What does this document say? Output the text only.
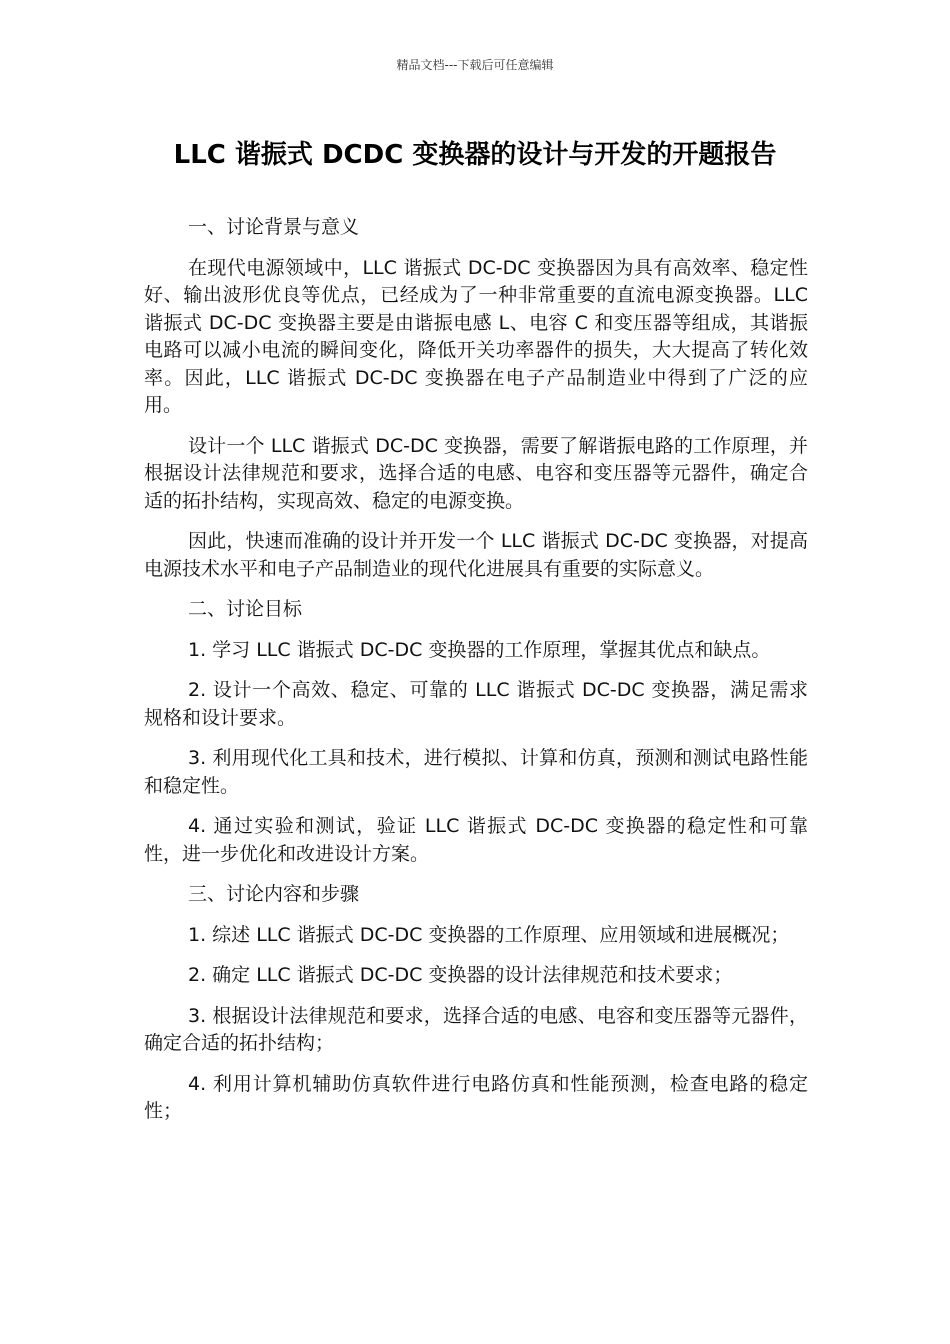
精品文档---下载后可任意编辑
LLC 谐振式 DCDC 变换器的设计与开发的开题报告

一、讨论背景与意义

在现代电源领域中，LLC 谐振式 DC-DC 变换器因为具有高效率、稳定性好、输出波形优良等优点，已经成为了一种非常重要的直流电源变换器。LLC 谐振式 DC-DC 变换器主要是由谐振电感 L、电容 C 和变压器等组成，其谐振电路可以减小电流的瞬间变化，降低开关功率器件的损失，大大提高了转化效率。因此，LLC 谐振式 DC-DC 变换器在电子产品制造业中得到了广泛的应用。

设计一个 LLC 谐振式 DC-DC 变换器，需要了解谐振电路的工作原理，并根据设计法律规范和要求，选择合适的电感、电容和变压器等元器件，确定合适的拓扑结构，实现高效、稳定的电源变换。

因此，快速而准确的设计并开发一个 LLC 谐振式 DC-DC 变换器，对提高电源技术水平和电子产品制造业的现代化进展具有重要的实际意义。

二、讨论目标

1. 学习 LLC 谐振式 DC-DC 变换器的工作原理，掌握其优点和缺点。

2. 设计一个高效、稳定、可靠的 LLC 谐振式 DC-DC 变换器，满足需求规格和设计要求。

3. 利用现代化工具和技术，进行模拟、计算和仿真，预测和测试电路性能和稳定性。

4. 通过实验和测试，验证 LLC 谐振式 DC-DC 变换器的稳定性和可靠性，进一步优化和改进设计方案。

三、讨论内容和步骤

1. 综述 LLC 谐振式 DC-DC 变换器的工作原理、应用领域和进展概况；

2. 确定 LLC 谐振式 DC-DC 变换器的设计法律规范和技术要求；

3. 根据设计法律规范和要求，选择合适的电感、电容和变压器等元器件，确定合适的拓扑结构；

4. 利用计算机辅助仿真软件进行电路仿真和性能预测，检查电路的稳定性；
